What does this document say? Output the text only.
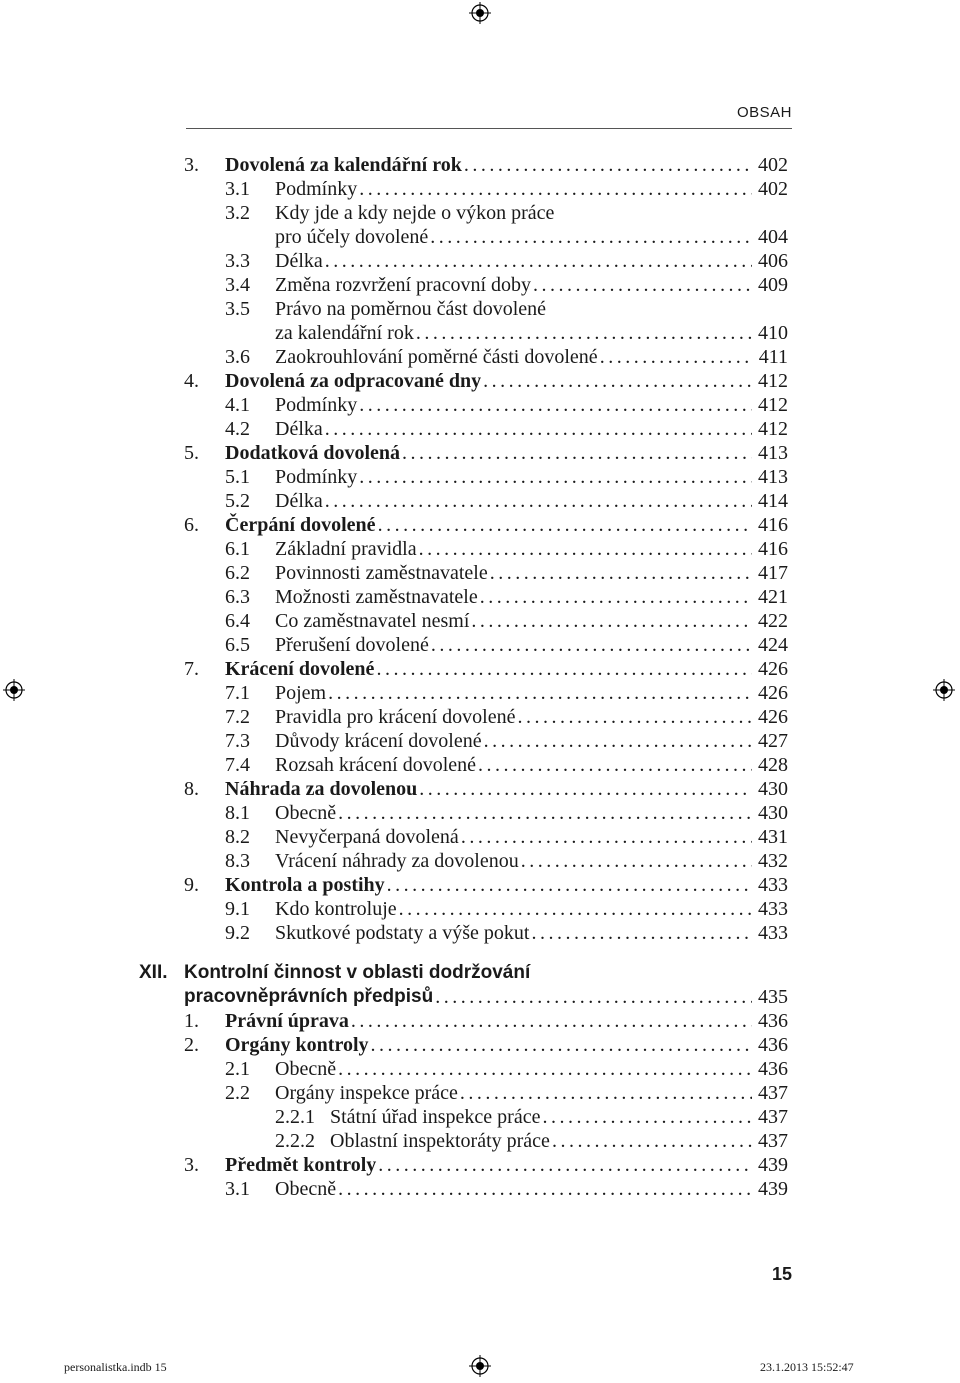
OBSAH
3.	Dovolená za kalendářní rok . . .	402
3.1	Podmínky . . .	402
3.2	Kdy jde a kdy nejde o výkon práce
pro účely dovolené . . .	404
3.3	Délka . . .	406
3.4	Změna rozvržení pracovní doby . . .	409
3.5	Právo na poměrnou část dovolené
za kalendářní rok . . .	410
3.6	Zaokrouhlování poměrné části dovolené . . .	411
4.	Dovolená za odpracované dny . . .	412
4.1	Podmínky . . .	412
4.2	Délka . . .	412
5.	Dodatková dovolená . . .	413
5.1	Podmínky . . .	413
5.2	Délka . . .	414
6.	Čerpání dovolené . . .	416
6.1	Základní pravidla . . .	416
6.2	Povinnosti zaměstnavatele . . .	417
6.3	Možnosti zaměstnavatele . . .	421
6.4	Co zaměstnavatel nesmí . . .	422
6.5	Přerušení dovolené . . .	424
7.	Krácení dovolené . . .	426
7.1	Pojem . . .	426
7.2	Pravidla pro krácení dovolené . . .	426
7.3	Důvody krácení dovolené . . .	427
7.4	Rozsah krácení dovolené . . .	428
8.	Náhrada za dovolenou . . .	430
8.1	Obecně . . .	430
8.2	Nevyčerpaná dovolená . . .	431
8.3	Vrácení náhrady za dovolenou . . .	432
9.	Kontrola a postihy . . .	433
9.1	Kdo kontroluje . . .	433
9.2	Skutkové podstaty a výše pokut . . .	433
XII. Kontrolní činnost v oblasti dodržování
pracovněprávních předpisů . . .	435
1.	Právní úprava . . .	436
2.	Orgány kontroly . . .	436
2.1	Obecně . . .	436
2.2	Orgány inspekce práce . . .	437
2.2.1 Státní úřad inspekce práce . . .	437
2.2.2 Oblastní inspektoráty práce . . .	437
3.	Předmět kontroly . . .	439
3.1	Obecně . . .	439
15
personalistka.indb 15	23.1.2013 15:52:47
